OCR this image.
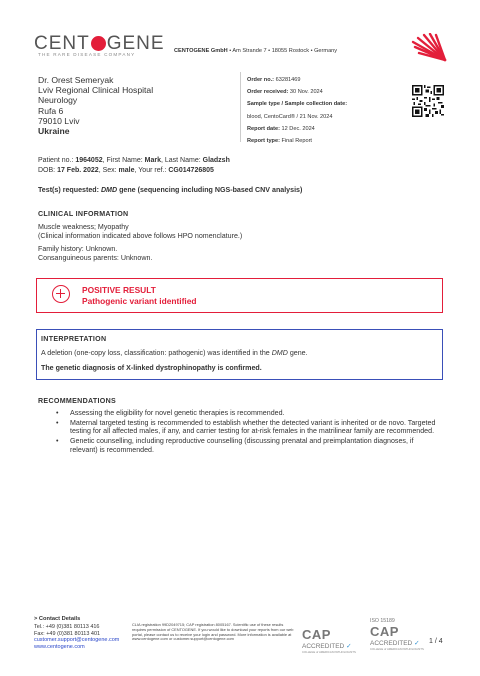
CENT GENE
THE RARE DISEASE COMPANY
CENTOGENE GmbH • Am Strande 7 • 18055 Rostock • Germany
Dr. Orest Semeryak
Lviv Regional Clinical Hospital
Neurology
Rufa 6
79010 Lviv
Ukraine
Order no.: 63281469
Order received: 30 Nov. 2024
Sample type / Sample collection date:
blood, CentoCard® / 21 Nov. 2024
Report date: 12 Dec. 2024
Report type: Final Report
Patient no.: 1964052, First Name: Mark, Last Name: Gladzsh
DOB: 17 Feb. 2022, Sex: male, Your ref.: CG014726805
Test(s) requested: DMD gene (sequencing including NGS-based CNV analysis)
CLINICAL INFORMATION
Muscle weakness; Myopathy
(Clinical information indicated above follows HPO nomenclature.)
Family history: Unknown.
Consanguineous parents: Unknown.
POSITIVE RESULT
Pathogenic variant identified
INTERPRETATION
A deletion (one-copy loss, classification: pathogenic) was identified in the DMD gene.
The genetic diagnosis of X-linked dystrophinopathy is confirmed.
RECOMMENDATIONS
• Assessing the eligibility for novel genetic therapies is recommended.
• Maternal targeted testing is recommended to establish whether the detected variant is inherited or de novo. Targeted testing for all affected males, if any, and carrier testing for at-risk females in the matrilinear family are recommended.
• Genetic counselling, including reproductive counselling (discussing prenatal and preimplantation diagnoses, if relevant) is recommended.
> Contact Details
Tel.: +49 (0)381 80113 416
Fax: +49 (0)381 80113 401
customer.support@centogene.com
www.centogene.com
CLIA registration 99D2049715; CAP registration 8005167. Scientific use of these results requires permission of CENTOGENE. If you would like to download your reports from our web portal, please contact us to receive your login and password. More information is available at www.centogene.com or customer.support@centogene.com	CAP
ACCREDITED ✓
COLLEGE of AMERICAN PATHOLOGISTS
ISO 15189
CAP
ACCREDITED ✓
COLLEGE of AMERICAN PATHOLOGISTS
1 / 4
